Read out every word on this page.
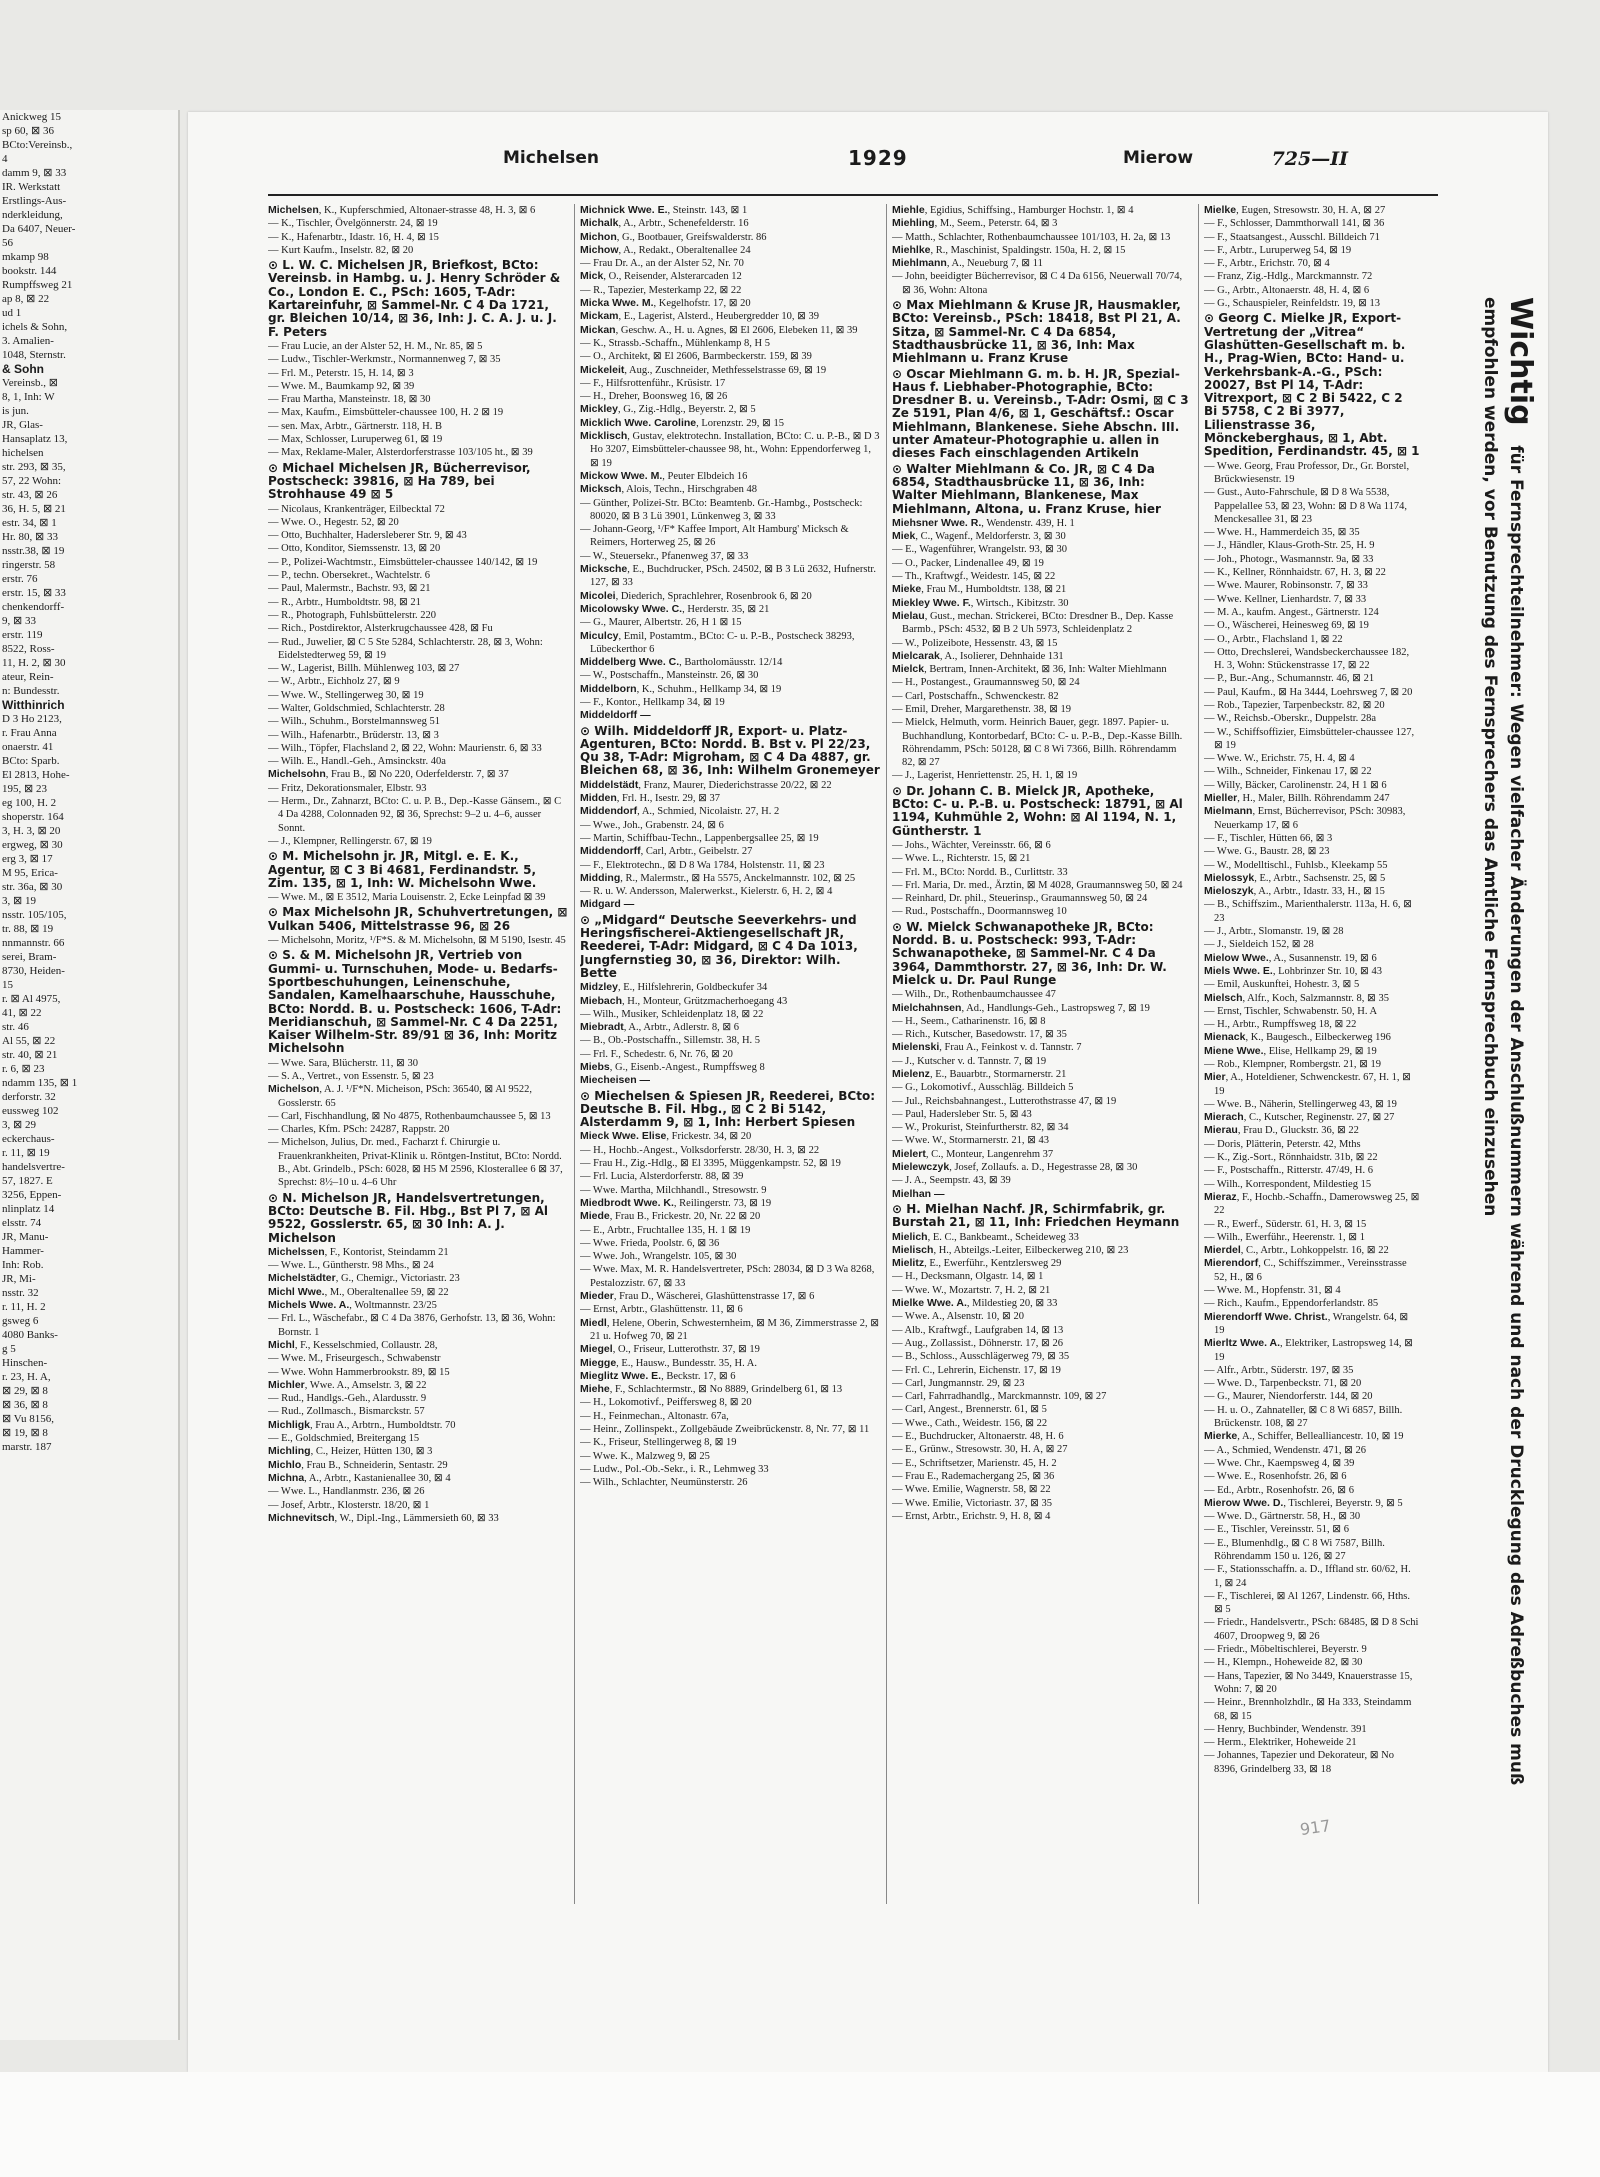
Anickweg 15
sp 60, ⊠ 36
BCto:Vereinsb.,
4
damm 9, ⊠ 33
IR. Werkstatt
Erstlings-Aus-
nderkleidung,
Da 6407, Neuer-
56
mkamp 98
bookstr. 144
Rumpffsweg 21
ap 8, ⊠ 22
ud 1
ichels & Sohn,
3. Amalien-
1048, Sternstr.
& Sohn
Vereinsb., ⊠
8, 1, Inh: W
is jun.
JR, Glas-
Hansaplatz 13,
hichelsen
str. 293, ⊠ 35,
57, 22 Wohn:
str. 43, ⊠ 26
36, H. 5, ⊠ 21
estr. 34, ⊠ 1
Hr. 80, ⊠ 33
nsstr.38, ⊠ 19
ringerstr. 58
erstr. 76
erstr. 15, ⊠ 33
chenkendorff-
9, ⊠ 33
erstr. 119
8522, Ross-
11, H. 2, ⊠ 30
ateur, Rein-
n: Bundesstr.
Witthinrich
D 3 Ho 2123,
r. Frau Anna
onaerstr. 41
BCto: Sparb.
El 2813, Hohe-
195, ⊠ 23
eg 100, H. 2
shoperstr. 164
3, H. 3, ⊠ 20
ergweg, ⊠ 30
erg 3, ⊠ 17
M 95, Erica-
str. 36a, ⊠ 30
3, ⊠ 19
nsstr. 105/105,
tr. 88, ⊠ 19
nnmannstr. 66
serei, Bram-
8730, Heiden-
15
r. ⊠ Al 4975,
41, ⊠ 22
str. 46
Al 55, ⊠ 22
str. 40, ⊠ 21
r. 6, ⊠ 23
ndamm 135, ⊠ 1
derforstr. 32
eussweg 102
3, ⊠ 29
eckerchaus-
r. 11, ⊠ 19
handelsvertre-
57, 1827. E
3256, Eppen-
nlinplatz 14
elsstr. 74
JR, Manu-
Hammer-
Inh: Rob.
JR, Mi-
nsstr. 32
r. 11, H. 2
gsweg 6
4080 Banks-
g 5
Hinschen-
r. 23, H. A,
⊠ 29, ⊠ 8
⊠ 36, ⊠ 8
⊠ Vu 8156,
⊠ 19, ⊠ 8
marstr. 187
Michelsen	1929	Mierow	725—II
Michelsen, K., Kupferschmied, Altonaer-strasse 48, H. 3, ⊠ 6
— K., Tischler, Övelgönnerstr. 24, ⊠ 19
— K., Hafenarbtr., Idastr. 16, H. 4, ⊠ 15
— Kurt Kaufm., Inselstr. 82, ⊠ 20
⊙ L. W. C. Michelsen JR, Briefkost, BCto: Vereinsb. in Hambg. u. J. Henry Schröder & Co., London E. C., PSch: 1605, T-Adr: Kartareinfuhr, ⊠ Sammel-Nr. C 4 Da 1721, gr. Bleichen 10/14, ⊠ 36, Inh: J. C. A. J. u. J. F. Peters
— Frau Lucie, an der Alster 52, H. M., Nr. 85, ⊠ 5
— Ludw., Tischler-Werkmstr., Normannenweg 7, ⊠ 35
— Frl. M., Peterstr. 15, H. 14, ⊠ 3
— Wwe. M., Baumkamp 92, ⊠ 39
— Frau Martha, Mansteinstr. 18, ⊠ 30
— Max, Kaufm., Eimsbütteler-chaussee 100, H. 2 ⊠ 19
— sen. Max, Arbtr., Gärtnerstr. 118, H. B
— Max, Schlosser, Luruperweg 61, ⊠ 19
— Max, Reklame-Maler, Alsterdorferstrasse 103/105 ht., ⊠ 39
⊙ Michael Michelsen JR, Bücherrevisor, Postscheck: 39816, ⊠ Ha 789, bei Strohhause 49 ⊠ 5
— Nicolaus, Krankenträger, Eilbecktal 72
— Wwe. O., Hegestr. 52, ⊠ 20
— Otto, Buchhalter, Hadersleberer Str. 9, ⊠ 43
— Otto, Konditor, Siemssenstr. 13, ⊠ 20
— P., Polizei-Wachtmstr., Eimsbütteler-chaussee 140/142, ⊠ 19
— P., techn. Obersekret., Wachtelstr. 6
— Paul, Malermstr., Bachstr. 93, ⊠ 21
— R., Arbtr., Humboldtstr. 98, ⊠ 21
— R., Photograph, Fuhlsbüttelerstr. 220
— Rich., Postdirektor, Alsterkrugchaussee 428, ⊠ Fu
— Rud., Juwelier, ⊠ C 5 Ste 5284, Schlachterstr. 28, ⊠ 3, Wohn: Eidelstedterweg 59, ⊠ 19
— W., Lagerist, Billh. Mühlenweg 103, ⊠ 27
— W., Arbtr., Eichholz 27, ⊠ 9
— Wwe. W., Stellingerweg 30, ⊠ 19
— Walter, Goldschmied, Schlachterstr. 28
— Wilh., Schuhm., Borstelmannsweg 51
— Wilh., Hafenarbtr., Brüderstr. 13, ⊠ 3
— Wilh., Töpfer, Flachsland 2, ⊠ 22, Wohn: Maurienstr. 6, ⊠ 33
— Wilh. E., Handl.-Geh., Amsinckstr. 40a
Michelsohn, Frau B., ⊠ No 220, Oderfelderstr. 7, ⊠ 37
— Fritz, Dekorationsmaler, Elbstr. 93
— Herm., Dr., Zahnarzt, BCto: C. u. P. B., Dep.-Kasse Gänsem., ⊠ C 4 Da 4288, Colonnaden 92, ⊠ 36, Sprechst: 9–2 u. 4–6, ausser Sonnt.
— J., Klempner, Rellingerstr. 67, ⊠ 19
⊙ M. Michelsohn jr. JR, Mitgl. e. E. K., Agentur, ⊠ C 3 Bi 4681, Ferdinandstr. 5, Zim. 135, ⊠ 1, Inh: W. Michelsohn Wwe.
— Wwe. M., ⊠ E 3512, Maria Louisenstr. 2, Ecke Leinpfad ⊠ 39
⊙ Max Michelsohn JR, Schuhvertretungen, ⊠ Vulkan 5406, Mittelstrasse 96, ⊠ 26
— Michelsohn, Moritz, ¹/F*S. & M. Michelsohn, ⊠ M 5190, Isestr. 45
⊙ S. & M. Michelsohn JR, Vertrieb von Gummi- u. Turnschuhen, Mode- u. Bedarfs-Sportbeschuhungen, Leinenschuhe, Sandalen, Kamelhaarschuhe, Hausschuhe, BCto: Nordd. B. u. Postscheck: 1606, T-Adr: Meridianschuh, ⊠ Sammel-Nr. C 4 Da 2251, Kaiser Wilhelm-Str. 89/91 ⊠ 36, Inh: Moritz Michelsohn
— Wwe. Sara, Blücherstr. 11, ⊠ 30
— S. A., Vertret., von Essenstr. 5, ⊠ 23
Michelson, A. J. ¹/F*N. Micheison, PSch: 36540, ⊠ Al 9522, Gosslerstr. 65
— Carl, Fischhandlung, ⊠ No 4875, Rothenbaumchaussee 5, ⊠ 13
— Charles, Kfm. PSch: 24287, Rappstr. 20
— Michelson, Julius, Dr. med., Facharzt f. Chirurgie u. Frauenkrankheiten, Privat-Klinik u. Röntgen-Institut, BCto: Nordd. B., Abt. Grindelb., PSch: 6028, ⊠ H5 M 2596, Klosterallee 6 ⊠ 37, Sprechst: 8½–10 u. 4–6 Uhr
⊙ N. Michelson JR, Handelsvertretungen, BCto: Deutsche B. Fil. Hbg., Bst Pl 7, ⊠ Al 9522, Gosslerstr. 65, ⊠ 30 Inh: A. J. Michelson
Michelssen, F., Kontorist, Steindamm 21
— Wwe. L., Güntherstr. 98 Mhs., ⊠ 24
Michelstädter, G., Chemigr., Victoriastr. 23
Michl Wwe., M., Oberaltenallee 59, ⊠ 22
Michels Wwe. A., Woltmannstr. 23/25
— Frl. L., Wäschefabr., ⊠ C 4 Da 3876, Gerhofstr. 13, ⊠ 36, Wohn: Bornstr. 1
Michl, F., Kesselschmied, Collaustr. 28,
— Wwe. M., Friseurgesch., Schwabenstr
— Wwe. Wohn Hammerbrookstr. 89, ⊠ 15
Michler, Wwe. A., Amselstr. 3, ⊠ 22
— Rud., Handlgs.-Geh., Alardusstr. 9
— Rud., Zollmasch., Bismarckstr. 57
Michligk, Frau A., Arbtrn., Humboldtstr. 70
— E., Goldschmied, Breitergang 15
Michling, C., Heizer, Hütten 130, ⊠ 3
Michlo, Frau B., Schneiderin, Sentastr. 29
Michna, A., Arbtr., Kastanienallee 30, ⊠ 4
— Wwe. L., Handlanmstr. 236, ⊠ 26
— Josef, Arbtr., Klosterstr. 18/20, ⊠ 1
Michnevitsch, W., Dipl.-Ing., Lämmersieth 60, ⊠ 33
Michnick Wwe. E., Steinstr. 143, ⊠ 1
Michalk, A., Arbtr., Schenefelderstr. 16
Michon, G., Bootbauer, Greifswalderstr. 86
Michow, A., Redakt., Oberaltenallee 24
— Frau Dr. A., an der Alster 52, Nr. 70
Mick, O., Reisender, Alsterarcaden 12
— R., Tapezier, Mesterkamp 22, ⊠ 22
Micka Wwe. M., Kegelhofstr. 17, ⊠ 20
Mickam, E., Lagerist, Alsterd., Heubergredder 10, ⊠ 39
Mickan, Geschw. A., H. u. Agnes, ⊠ El 2606, Elebeken 11, ⊠ 39
— K., Strassb.-Schaffn., Mühlenkamp 8, H 5
— O., Architekt, ⊠ El 2606, Barmbeckerstr. 159, ⊠ 39
Mickeleit, Aug., Zuschneider, Methfesselstrasse 69, ⊠ 19
— F., Hilfsrottenführ., Krüsistr. 17
— H., Dreher, Boonsweg 16, ⊠ 26
Mickley, G., Zig.-Hdlg., Beyerstr. 2, ⊠ 5
Micklich Wwe. Caroline, Lorenzstr. 29, ⊠ 15
Micklisch, Gustav, elektrotechn. Installation, BCto: C. u. P.-B., ⊠ D 3 Ho 3207, Eimsbütteler-chaussee 98, ht., Wohn: Eppendorferweg 1, ⊠ 19
Mickow Wwe. M., Peuter Elbdeich 16
Micksch, Alois, Techn., Hirschgraben 48
— Günther, Polizei-Str. BCto: Beamtenb. Gr.-Hambg., Postscheck: 80020, ⊠ B 3 Lü 3901, Lünkenweg 3, ⊠ 33
— Johann-Georg, ¹/F* Kaffee Import, Alt Hamburg' Micksch & Reimers, Horterweg 25, ⊠ 26
— W., Steuersekr., Pfanenweg 37, ⊠ 33
Micksche, E., Buchdrucker, PSch. 24502, ⊠ B 3 Lü 2632, Hufnerstr. 127, ⊠ 33
Micolei, Diederich, Sprachlehrer, Rosenbrook 6, ⊠ 20
Micolowsky Wwe. C., Herderstr. 35, ⊠ 21
— G., Maurer, Albertstr. 26, H 1 ⊠ 15
Miculcy, Emil, Postamtm., BCto: C- u. P.-B., Postscheck 38293, Lübeckerthor 6
Middelberg Wwe. C., Bartholomäusstr. 12/14
— W., Postschaffn., Mansteinstr. 26, ⊠ 30
Middelborn, K., Schuhm., Hellkamp 34, ⊠ 19
— F., Kontor., Hellkamp 34, ⊠ 19
Middeldorff —
⊙ Wilh. Middeldorff JR, Export- u. Platz-Agenturen, BCto: Nordd. B. Bst v. Pl 22/23, Qu 38, T-Adr: Migroham, ⊠ C 4 Da 4887, gr. Bleichen 68, ⊠ 36, Inh: Wilhelm Gronemeyer
Middelstädt, Franz, Maurer, Diederichstrasse 20/22, ⊠ 22
Midden, Frl. H., Isestr. 29, ⊠ 37
Middendorf, A., Schmied, Nicolaistr. 27, H. 2
— Wwe., Joh., Grabenstr. 24, ⊠ 6
— Martin, Schiffbau-Techn., Lappenbergsallee 25, ⊠ 19
Middendorff, Carl, Arbtr., Geibelstr. 27
— F., Elektrotechn., ⊠ D 8 Wa 1784, Holstenstr. 11, ⊠ 23
Midding, R., Malermstr., ⊠ Ha 5575, Anckelmannstr. 102, ⊠ 25
— R. u. W. Andersson, Malerwerkst., Kielerstr. 6, H. 2, ⊠ 4
Midgard —
⊙ „Midgard“ Deutsche Seeverkehrs- und Heringsfischerei-Aktiengesellschaft JR, Reederei, T-Adr: Midgard, ⊠ C 4 Da 1013, Jungfernstieg 30, ⊠ 36, Direktor: Wilh. Bette
Midzley, E., Hilfslehrerin, Goldbeckufer 34
Miebach, H., Monteur, Grützmacherhoegang 43
— Wilh., Musiker, Schleidenplatz 18, ⊠ 22
Miebradt, A., Arbtr., Adlerstr. 8, ⊠ 6
— B., Ob.-Postschaffn., Sillemstr. 38, H. 5
— Frl. F., Schedestr. 6, Nr. 76, ⊠ 20
Miebs, G., Eisenb.-Angest., Rumpffsweg 8
Miecheisen —
⊙ Miechelsen & Spiesen JR, Reederei, BCto: Deutsche B. Fil. Hbg., ⊠ C 2 Bi 5142, Alsterdamm 9, ⊠ 1, Inh: Herbert Spiesen
Mieck Wwe. Elise, Frickestr. 34, ⊠ 20
— H., Hochb.-Angest., Volksdorferstr. 28/30, H. 3, ⊠ 22
— Frau H., Zig.-Hdlg., ⊠ El 3395, Müggenkampstr. 52, ⊠ 19
— Frl. Lucia, Alsterdorferstr. 88, ⊠ 39
— Wwe. Martha, Milchhandl., Stresowstr. 9
Miedbrodt Wwe. K., Reilingerstr. 73, ⊠ 19
Miede, Frau B., Frickestr. 20, Nr. 22 ⊠ 20
— E., Arbtr., Fruchtallee 135, H. 1 ⊠ 19
— Wwe. Frieda, Poolstr. 6, ⊠ 36
— Wwe. Joh., Wrangelstr. 105, ⊠ 30
— Wwe. Max, M. R. Handelsvertreter, PSch: 28034, ⊠ D 3 Wa 8268, Pestalozzistr. 67, ⊠ 33
Mieder, Frau D., Wäscherei, Glashüttenstrasse 17, ⊠ 6
— Ernst, Arbtr., Glashüttenstr. 11, ⊠ 6
Miedl, Helene, Oberin, Schwesternheim, ⊠ M 36, Zimmerstrasse 2, ⊠ 21 u. Hofweg 70, ⊠ 21
Miegel, O., Friseur, Lutterothstr. 37, ⊠ 19
Miegge, E., Hausw., Bundesstr. 35, H. A.
Mieglitz Wwe. E., Beckstr. 17, ⊠ 6
Miehe, F., Schlachtermstr., ⊠ No 8889, Grindelberg 61, ⊠ 13
— H., Lokomotivf., Peiffersweg 8, ⊠ 20
— H., Feinmechan., Altonastr. 67a,
— Heinr., Zollinspekt., Zollgebäude Zweibrückenstr. 8, Nr. 77, ⊠ 11
— K., Friseur, Stellingerweg 8, ⊠ 19
— Wwe. K., Malzweg 9, ⊠ 25
— Ludw., Pol.-Ob.-Sekr., i. R., Lehmweg 33
— Wilh., Schlachter, Neumünsterstr. 26
Miehle, Egidius, Schiffsing., Hamburger Hochstr. 1, ⊠ 4
Miehling, M., Seem., Peterstr. 64, ⊠ 3
— Matth., Schlachter, Rothenbaumchaussee 101/103, H. 2a, ⊠ 13
Miehlke, R., Maschinist, Spaldingstr. 150a, H. 2, ⊠ 15
Miehlmann, A., Neueburg 7, ⊠ 11
— John, beeidigter Bücherrevisor, ⊠ C 4 Da 6156, Neuerwall 70/74, ⊠ 36, Wohn: Altona
⊙ Max Miehlmann & Kruse JR, Hausmakler, BCto: Vereinsb., PSch: 18418, Bst Pl 21, A. Sitza, ⊠ Sammel-Nr. C 4 Da 6854, Stadthausbrücke 11, ⊠ 36, Inh: Max Miehlmann u. Franz Kruse
⊙ Oscar Miehlmann G. m. b. H. JR, Spezial-Haus f. Liebhaber-Photographie, BCto: Dresdner B. u. Vereinsb., T-Adr: Osmi, ⊠ C 3 Ze 5191, Plan 4/6, ⊠ 1, Geschäftsf.: Oscar Miehlmann, Blankenese. Siehe Abschn. III. unter Amateur-Photographie u. allen in dieses Fach einschlagenden Artikeln
⊙ Walter Miehlmann & Co. JR, ⊠ C 4 Da 6854, Stadthausbrücke 11, ⊠ 36, Inh: Walter Miehlmann, Blankenese, Max Miehlmann, Altona, u. Franz Kruse, hier
Miehsner Wwe. R., Wendenstr. 439, H. 1
Miek, C., Wagenf., Meldorferstr. 3, ⊠ 30
— E., Wagenführer, Wrangelstr. 93, ⊠ 30
— O., Packer, Lindenallee 49, ⊠ 19
— Th., Kraftwgf., Weidestr. 145, ⊠ 22
Mieke, Frau M., Humboldtstr. 138, ⊠ 21
Miekley Wwe. F., Wirtsch., Kibitzstr. 30
Mielau, Gust., mechan. Strickerei, BCto: Dresdner B., Dep. Kasse Barmb., PSch: 4532, ⊠ B 2 Uh 5973, Schleidenplatz 2
— W., Polizeibote, Hessenstr. 43, ⊠ 15
Mielcarak, A., Isolierer, Dehnhaide 131
Mielck, Bertram, Innen-Architekt, ⊠ 36, Inh: Walter Miehlmann
— H., Postangest., Graumannsweg 50, ⊠ 24
— Carl, Postschaffn., Schwenckestr. 82
— Emil, Dreher, Margarethenstr. 38, ⊠ 19
— Mielck, Helmuth, vorm. Heinrich Bauer, gegr. 1897. Papier- u. Buchhandlung, Kontorbedarf, BCto: C- u. P.-B., Dep.-Kasse Billh. Röhrendamm, PSch: 50128, ⊠ C 8 Wi 7366, Billh. Röhrendamm 82, ⊠ 27
— J., Lagerist, Henriettenstr. 25, H. 1, ⊠ 19
⊙ Dr. Johann C. B. Mielck JR, Apotheke, BCto: C- u. P.-B. u. Postscheck: 18791, ⊠ Al 1194, Kuhmühle 2, Wohn: ⊠ Al 1194, N. 1, Güntherstr. 1
— Johs., Wächter, Vereinsstr. 66, ⊠ 6
— Wwe. L., Richterstr. 15, ⊠ 21
— Frl. M., BCto: Nordd. B., Curlittstr. 33
— Frl. Maria, Dr. med., Ärztin, ⊠ M 4028, Graumannsweg 50, ⊠ 24
— Reinhard, Dr. phil., Steuerinsp., Graumannsweg 50, ⊠ 24
— Rud., Postschaffn., Doormannsweg 10
⊙ W. Mielck Schwanapotheke JR, BCto: Nordd. B. u. Postscheck: 993, T-Adr: Schwanapotheke, ⊠ Sammel-Nr. C 4 Da 3964, Dammthorstr. 27, ⊠ 36, Inh: Dr. W. Mielck u. Dr. Paul Runge
— Wilh., Dr., Rothenbaumchaussee 47
Mielchahnsen, Ad., Handlungs-Geh., Lastropsweg 7, ⊠ 19
— H., Seem., Catharinenstr. 16, ⊠ 8
— Rich., Kutscher, Basedowstr. 17, ⊠ 35
Mielenski, Frau A., Feinkost v. d. Tannstr. 7
— J., Kutscher v. d. Tannstr. 7, ⊠ 19
Mielenz, E., Bauarbtr., Stormarnerstr. 21
— G., Lokomotivf., Ausschläg. Billdeich 5
— Jul., Reichsbahnangest., Lutterothstrasse 47, ⊠ 19
— Paul, Hadersleber Str. 5, ⊠ 43
— W., Prokurist, Steinfurtherstr. 82, ⊠ 34
— Wwe. W., Stormarnerstr. 21, ⊠ 43
Mielert, C., Monteur, Langenrehm 37
Mielewczyk, Josef, Zollaufs. a. D., Hegestrasse 28, ⊠ 30
— J. A., Seempstr. 43, ⊠ 39
Mielhan —
⊙ H. Mielhan Nachf. JR, Schirmfabrik, gr. Burstah 21, ⊠ 11, Inh: Friedchen Heymann
Mielich, E. C., Bankbeamt., Scheideweg 33
Mielisch, H., Abteilgs.-Leiter, Eilbeckerweg 210, ⊠ 23
Mielitz, E., Ewerführ., Kentzlersweg 29
— H., Decksmann, Olgastr. 14, ⊠ 1
— Wwe. W., Mozartstr. 7, H. 2, ⊠ 21
Mielke Wwe. A., Mildestieg 20, ⊠ 33
— Wwe. A., Alsenstr. 10, ⊠ 20
— Alb., Kraftwgf., Laufgraben 14, ⊠ 13
— Aug., Zollassist., Döhnerstr. 17, ⊠ 26
— B., Schloss., Ausschlägerweg 79, ⊠ 35
— Frl. C., Lehrerin, Eichenstr. 17, ⊠ 19
— Carl, Jungmannstr. 29, ⊠ 23
— Carl, Fahrradhandlg., Marckmannstr. 109, ⊠ 27
— Carl, Angest., Brennerstr. 61, ⊠ 5
— Wwe., Cath., Weidestr. 156, ⊠ 22
— E., Buchdrucker, Altonaerstr. 48, H. 6
— E., Grünw., Stresowstr. 30, H. A, ⊠ 27
— E., Schriftsetzer, Marienstr. 45, H. 2
— Frau E., Rademachergang 25, ⊠ 36
— Wwe. Emilie, Wagnerstr. 58, ⊠ 22
— Wwe. Emilie, Victoriastr. 37, ⊠ 35
— Ernst, Arbtr., Erichstr. 9, H. 8, ⊠ 4
Mielke, Eugen, Stresowstr. 30, H. A, ⊠ 27
— F., Schlosser, Dammthorwall 141, ⊠ 36
— F., Staatsangest., Ausschl. Billdeich 71
— F., Arbtr., Luruperweg 54, ⊠ 19
— F., Arbtr., Erichstr. 70, ⊠ 4
— Franz, Zig.-Hdlg., Marckmannstr. 72
— G., Arbtr., Altonaerstr. 48, H. 4, ⊠ 6
— G., Schauspieler, Reinfeldstr. 19, ⊠ 13
⊙ Georg C. Mielke JR, Export-Vertretung der „Vitrea“ Glashütten-Gesellschaft m. b. H., Prag-Wien, BCto: Hand- u. Verkehrsbank-A.-G., PSch: 20027, Bst Pl 14, T-Adr: Vitrexport, ⊠ C 2 Bi 5422, C 2 Bi 5758, C 2 Bi 3977, Lilienstrasse 36, Mönckeberghaus, ⊠ 1, Abt. Spedition, Ferdinandstr. 45, ⊠ 1
— Wwe. Georg, Frau Professor, Dr., Gr. Borstel, Brückwiesenstr. 19
— Gust., Auto-Fahrschule, ⊠ D 8 Wa 5538, Pappelallee 53, ⊠ 23, Wohn: ⊠ D 8 Wa 1174, Menckesallee 31, ⊠ 23
— Wwe. H., Hammerdeich 35, ⊠ 35
— J., Händler, Klaus-Groth-Str. 25, H. 9
— Joh., Photogr., Wasmannstr. 9a, ⊠ 33
— K., Kellner, Rönnhaidstr. 67, H. 3, ⊠ 22
— Wwe. Maurer, Robinsonstr. 7, ⊠ 33
— Wwe. Kellner, Lienhardstr. 7, ⊠ 33
— M. A., kaufm. Angest., Gärtnerstr. 124
— O., Wäscherei, Heinesweg 69, ⊠ 19
— O., Arbtr., Flachsland 1, ⊠ 22
— Otto, Drechslerei, Wandsbeckerchaussee 182, H. 3, Wohn: Stückenstrasse 17, ⊠ 22
— P., Bur.-Ang., Schumannstr. 46, ⊠ 21
— Paul, Kaufm., ⊠ Ha 3444, Loehrsweg 7, ⊠ 20
— Rob., Tapezier, Tarpenbeckstr. 82, ⊠ 20
— W., Reichsb.-Oberskr., Duppelstr. 28a
— W., Schiffsoffizier, Eimsbütteler-chaussee 127, ⊠ 19
— Wwe. W., Erichstr. 75, H. 4, ⊠ 4
— Wilh., Schneider, Finkenau 17, ⊠ 22
— Willy, Bäcker, Carolinenstr. 24, H 1 ⊠ 6
Mieller, H., Maler, Billh. Röhrendamm 247
Mielmann, Ernst, Bücherrevisor, PSch: 30983, Neuerkamp 17, ⊠ 6
— F., Tischler, Hütten 66, ⊠ 3
— Wwe. G., Baustr. 28, ⊠ 23
— W., Modelltischl., Fuhlsb., Kleekamp 55
Mielossyk, E., Arbtr., Sachsenstr. 25, ⊠ 5
Mieloszyk, A., Arbtr., Idastr. 33, H., ⊠ 15
— B., Schiffszim., Marienthalerstr. 113a, H. 6, ⊠ 23
— J., Arbtr., Slomanstr. 19, ⊠ 28
— J., Sieldeich 152, ⊠ 28
Mielow Wwe., A., Susannenstr. 19, ⊠ 6
Miels Wwe. E., Lohbrinzer Str. 10, ⊠ 43
— Emil, Auskunftei, Hohestr. 3, ⊠ 5
Mielsch, Alfr., Koch, Salzmannstr. 8, ⊠ 35
— Ernst, Tischler, Schwabenstr. 50, H. A
— H., Arbtr., Rumpffsweg 18, ⊠ 22
Mienack, K., Baugesch., Eilbeckerweg 196
Miene Wwe., Elise, Hellkamp 29, ⊠ 19
— Rob., Klempner, Rombergstr. 21, ⊠ 19
Mier, A., Hoteldiener, Schwenckestr. 67, H. 1, ⊠ 19
— Wwe. B., Näherin, Stellingerweg 43, ⊠ 19
Mierach, C., Kutscher, Reginenstr. 27, ⊠ 27
Mierau, Frau D., Gluckstr. 36, ⊠ 22
— Doris, Plätterin, Peterstr. 42, Mths
— K., Zig.-Sort., Rönnhaidstr. 31b, ⊠ 22
— F., Postschaffn., Ritterstr. 47/49, H. 6
— Wilh., Korrespondent, Mildestieg 15
Mieraz, F., Hochb.-Schaffn., Damerowsweg 25, ⊠ 22
— R., Ewerf., Süderstr. 61, H. 3, ⊠ 15
— Wilh., Ewerführ., Heerenstr. 1, ⊠ 1
Mierdel, C., Arbtr., Lohkoppelstr. 16, ⊠ 22
Mierendorf, C., Schiffszimmer., Vereinsstrasse 52, H., ⊠ 6
— Wwe. M., Hopfenstr. 31, ⊠ 4
— Rich., Kaufm., Eppendorferlandstr. 85
Mierendorff Wwe. Christ., Wrangelstr. 64, ⊠ 19
Mierltz Wwe. A., Elektriker, Lastropsweg 14, ⊠ 19
— Alfr., Arbtr., Süderstr. 197, ⊠ 35
— Wwe. D., Tarpenbeckstr. 71, ⊠ 20
— G., Maurer, Niendorferstr. 144, ⊠ 20
— H. u. O., Zahnateller, ⊠ C 8 Wi 6857, Billh. Brückenstr. 108, ⊠ 27
Mierke, A., Schiffer, Bellealliancestr. 10, ⊠ 19
— A., Schmied, Wendenstr. 471, ⊠ 26
— Wwe. Chr., Kaempsweg 4, ⊠ 39
— Wwe. E., Rosenhofstr. 26, ⊠ 6
— Ed., Arbtr., Rosenhofstr. 26, ⊠ 6
Mierow Wwe. D., Tischlerei, Beyerstr. 9, ⊠ 5
— Wwe. D., Gärtnerstr. 58, H., ⊠ 30
— E., Tischler, Vereinsstr. 51, ⊠ 6
— E., Blumenhdlg., ⊠ C 8 Wi 7587, Billh. Röhrendamm 150 u. 126, ⊠ 27
— F., Stationsschaffn. a. D., Iffland str. 60/62, H. 1, ⊠ 24
— F., Tischlerei, ⊠ Al 1267, Lindenstr. 66, Hths. ⊠ 5
— Friedr., Handelsvertr., PSch: 68485, ⊠ D 8 Schi 4607, Droopweg 9, ⊠ 26
— Friedr., Möbeltischlerei, Beyerstr. 9
— H., Klempn., Hoheweide 82, ⊠ 30
— Hans, Tapezier, ⊠ No 3449, Knauerstrasse 15, Wohn: 7, ⊠ 20
— Heinr., Brennholzhdlr., ⊠ Ha 333, Steindamm 68, ⊠ 15
— Henry, Buchbinder, Wendenstr. 391
— Herm., Elektriker, Hoheweide 21
— Johannes, Tapezier und Dekorateur, ⊠ No 8396, Grindelberg 33, ⊠ 18
Wichtig für Fernsprechteilnehmer: Wegen vielfacher Änderungen der Anschlußnummern während und nach der Drucklegung des Adreßbuches muß empfohlen werden, vor Benutzung des Fernsprechers das Amtliche Fernsprechbuch einzusehen
917
